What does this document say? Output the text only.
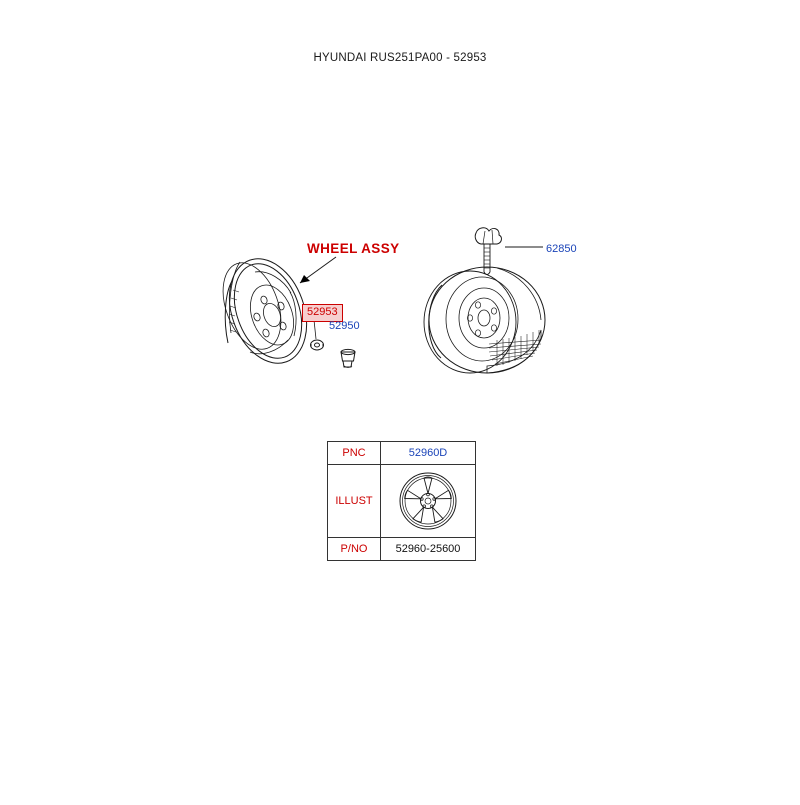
HYUNDAI RUS251PA00 - 52953
WHEEL ASSY
52953
52950
62850
PNC	52960D
ILLUST	

P/NO	52960-25600
